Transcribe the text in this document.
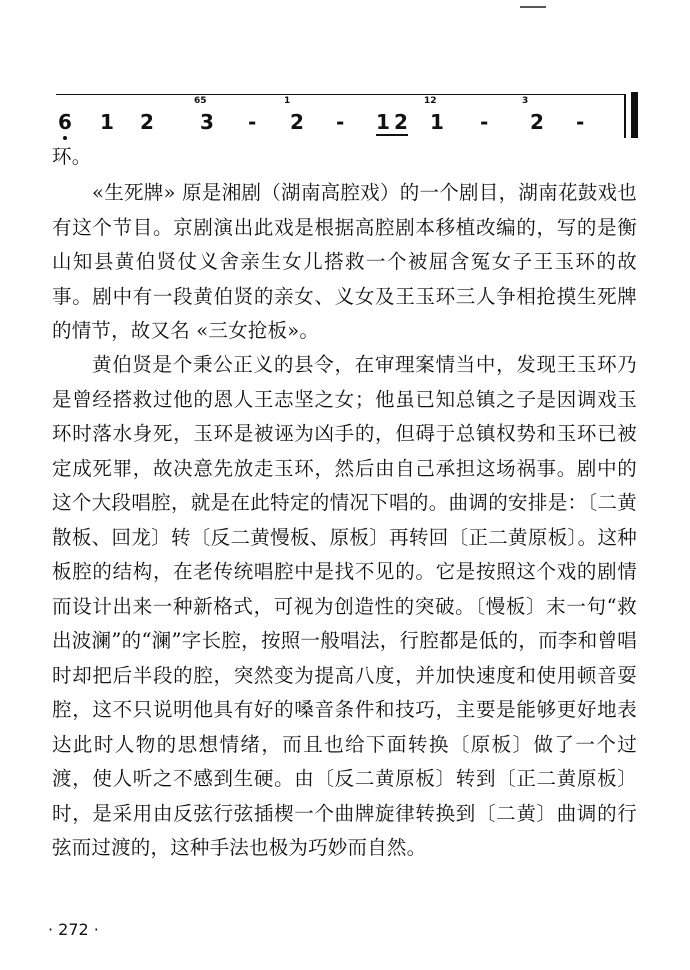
6 1 2
65
3 -
1
2 - 1 2
12
1 -
3
2 -
环。
«生死牌» 原是湘剧（湖南高腔戏）的一个剧目，湖南花鼓戏也有这个节目。京剧演出此戏是根据高腔剧本移植改编的，写的是衡山知县黄伯贤仗义舍亲生女儿搭救一个被屈含冤女子王玉环的故事。剧中有一段黄伯贤的亲女、义女及王玉环三人争相抢摸生死牌的情节，故又名 «三女抢板»。
黄伯贤是个秉公正义的县令，在审理案情当中，发现王玉环乃是曾经搭救过他的恩人王志坚之女；他虽已知总镇之子是因调戏玉环时落水身死，玉环是被诬为凶手的，但碍于总镇权势和玉环已被定成死罪，故决意先放走玉环，然后由自己承担这场祸事。剧中的这个大段唱腔，就是在此特定的情况下唱的。曲调的安排是：〔二黄散板、回龙〕转〔反二黄慢板、原板〕再转回〔正二黄原板〕。这种板腔的结构，在老传统唱腔中是找不见的。它是按照这个戏的剧情而设计出来一种新格式，可视为创造性的突破。〔慢板〕末一句“救出波澜”的“澜”字长腔，按照一般唱法，行腔都是低的，而李和曾唱时却把后半段的腔，突然变为提高八度，并加快速度和使用顿音耍腔，这不只说明他具有好的嗓音条件和技巧，主要是能够更好地表达此时人物的思想情绪，而且也给下面转换〔原板〕做了一个过渡，使人听之不感到生硬。由〔反二黄原板〕转到〔正二黄原板〕时，是采用由反弦行弦插楔一个曲牌旋律转换到〔二黄〕曲调的行弦而过渡的，这种手法也极为巧妙而自然。
· 272 ·
